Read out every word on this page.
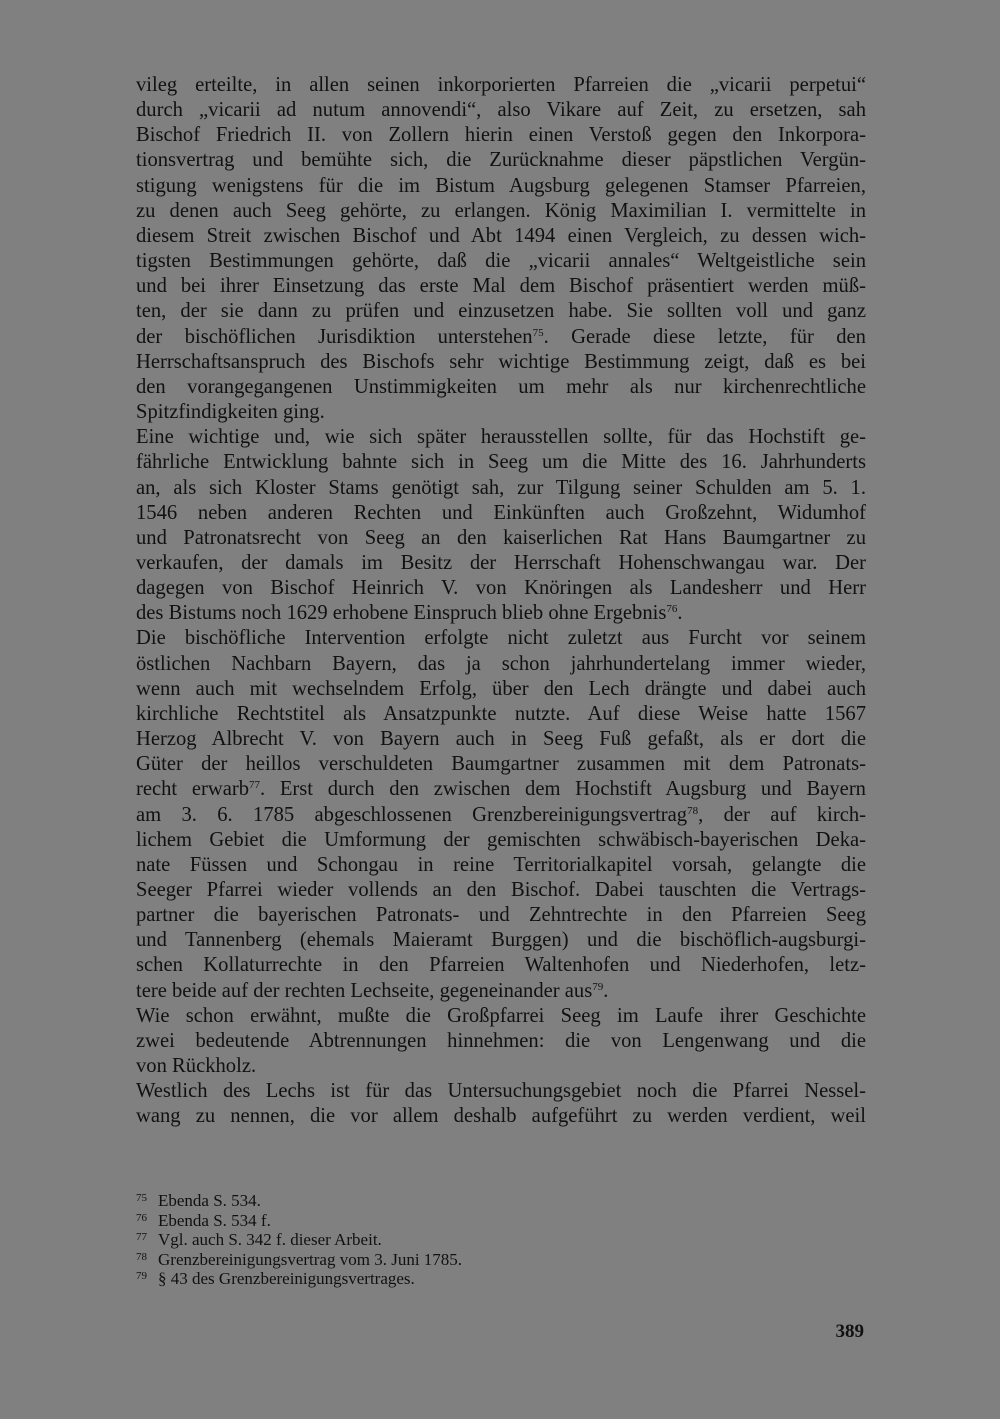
vileg erteilte, in allen seinen inkorporierten Pfarreien die „vicarii perpetui“
durch „vicarii ad nutum annovendi“, also Vikare auf Zeit, zu ersetzen, sah
Bischof Friedrich II. von Zollern hierin einen Verstoß gegen den Inkorpora-
tionsvertrag und bemühte sich, die Zurücknahme dieser päpstlichen Vergün-
stigung wenigstens für die im Bistum Augsburg gelegenen Stamser Pfarreien,
zu denen auch Seeg gehörte, zu erlangen. König Maximilian I. vermittelte in
diesem Streit zwischen Bischof und Abt 1494 einen Vergleich, zu dessen wich-
tigsten Bestimmungen gehörte, daß die „vicarii annales“ Weltgeistliche sein
und bei ihrer Einsetzung das erste Mal dem Bischof präsentiert werden müß-
ten, der sie dann zu prüfen und einzusetzen habe. Sie sollten voll und ganz
der bischöflichen Jurisdiktion unterstehen$^{75}$. Gerade diese letzte, für den
Herrschaftsanspruch des Bischofs sehr wichtige Bestimmung zeigt, daß es bei
den vorangegangenen Unstimmigkeiten um mehr als nur kirchenrechtliche
Spitzfindigkeiten ging.
Eine wichtige und, wie sich später herausstellen sollte, für das Hochstift ge-
fährliche Entwicklung bahnte sich in Seeg um die Mitte des 16. Jahrhunderts
an, als sich Kloster Stams genötigt sah, zur Tilgung seiner Schulden am 5. 1.
1546 neben anderen Rechten und Einkünften auch Großzehnt, Widumhof
und Patronatsrecht von Seeg an den kaiserlichen Rat Hans Baumgartner zu
verkaufen, der damals im Besitz der Herrschaft Hohenschwangau war. Der
dagegen von Bischof Heinrich V. von Knöringen als Landesherr und Herr
des Bistums noch 1629 erhobene Einspruch blieb ohne Ergebnis$^{76}$.
Die bischöfliche Intervention erfolgte nicht zuletzt aus Furcht vor seinem
östlichen Nachbarn Bayern, das ja schon jahrhundertelang immer wieder,
wenn auch mit wechselndem Erfolg, über den Lech drängte und dabei auch
kirchliche Rechtstitel als Ansatzpunkte nutzte. Auf diese Weise hatte 1567
Herzog Albrecht V. von Bayern auch in Seeg Fuß gefaßt, als er dort die
Güter der heillos verschuldeten Baumgartner zusammen mit dem Patronats-
recht erwarb$^{77}$. Erst durch den zwischen dem Hochstift Augsburg und Bayern
am 3. 6. 1785 abgeschlossenen Grenzbereinigungsvertrag$^{78}$, der auf kirch-
lichem Gebiet die Umformung der gemischten schwäbisch-bayerischen Deka-
nate Füssen und Schongau in reine Territorialkapitel vorsah, gelangte die
Seeger Pfarrei wieder vollends an den Bischof. Dabei tauschten die Vertrags-
partner die bayerischen Patronats- und Zehntrechte in den Pfarreien Seeg
und Tannenberg (ehemals Maieramt Burggen) und die bischöflich-augsburgi-
schen Kollaturrechte in den Pfarreien Waltenhofen und Niederhofen, letz-
tere beide auf der rechten Lechseite, gegeneinander aus$^{79}$.
Wie schon erwähnt, mußte die Großpfarrei Seeg im Laufe ihrer Geschichte
zwei bedeutende Abtrennungen hinnehmen: die von Lengenwang und die
von Rückholz.
Westlich des Lechs ist für das Untersuchungsgebiet noch die Pfarrei Nessel-
wang zu nennen, die vor allem deshalb aufgeführt zu werden verdient, weil
75 Ebenda S. 534.
76 Ebenda S. 534 f.
77 Vgl. auch S. 342 f. dieser Arbeit.
78 Grenzbereinigungsvertrag vom 3. Juni 1785.
79 § 43 des Grenzbereinigungsvertrages.
389
